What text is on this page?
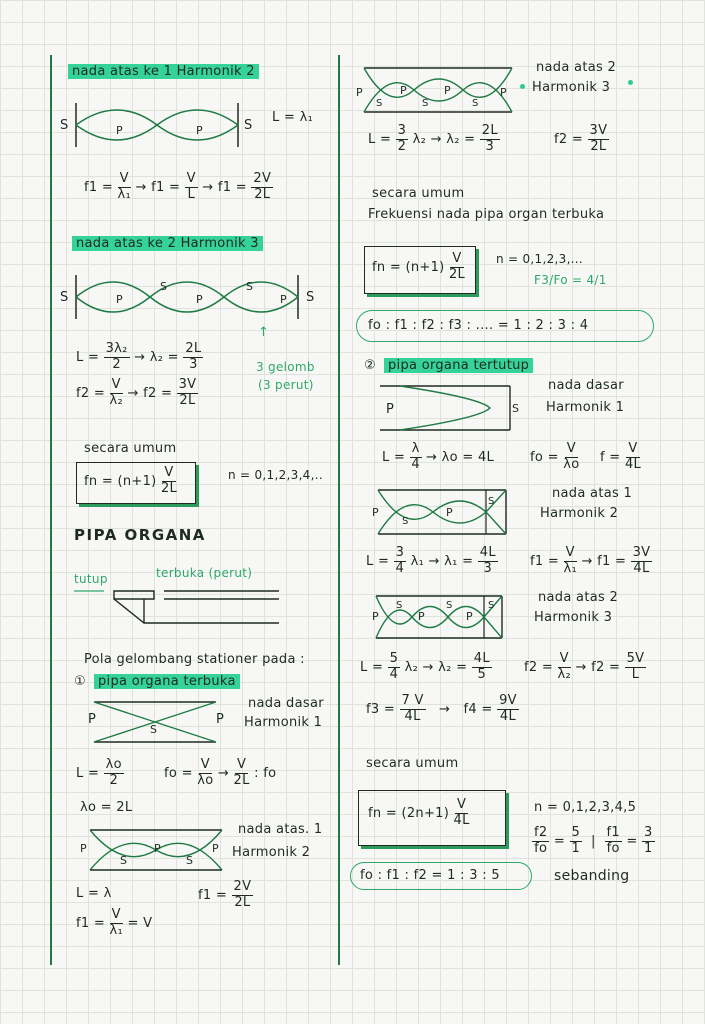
nada atas ke 1 Harmonik 2
S	S
P	P
L = λ₁
$f1 = \frac{V}{\text{λ₁}} \to f1 = \frac{V}{L} \to f1 = \frac{2V}{2L}$
nada atas ke 2 Harmonik 3
S	P
S
P
S
P S
$L = \frac{\text{3λ₂}}{2} \to \lambda_2 = \frac{2L}{3}$
$f2 = \frac{V}{\text{λ₂}} \to f2 = \frac{3V}{2L}$
↑
3 gelomb
(3 perut)
secara umum
fn = $(n+1) \frac{V}{2L}$	n = 0,1,2,3,4,..
PIPA ORGANA
tutup	terbuka (perut)
Pola gelombang stationer pada :
① pipa organa terbuka
nada dasar
Harmonik 1
P
S
P
$L = \frac{\lambda o}{2}$	fo = $\frac{V}{\lambda o} \to \frac{V}{2L}$ : fo
λo = 2L
nada atas. 1
Harmonik 2
P
S
P
S
P
L = λ	$f1 = \frac{2V}{2L}$
$f1 = \frac{V}{\text{λ₁}} = V$
nada atas 2
Harmonik 3
P
S
P
S
P
S
P
$L = \frac{3}{2} \lambda_2 \to \lambda_2 = \frac{2L}{3}$	$f2 = \frac{3V}{2L}$
secara umum
Frekuensi nada pipa organ terbuka
fn = $(n+1) \frac{V}{2L}$	n = 0,1,2,3,...
F3/Fo = 4/1
fo : f1 : f2 : f3 : .... = 1 : 2 : 3 : 4
② pipa organa tertutup
P	S
nada dasar
Harmonik 1
$L = \frac{\lambda}{4} \to \lambda o = 4L$	fo = $\frac{V}{\lambda o}$ $f = \frac{V}{4L}$
P
S
P
S
nada atas 1
Harmonik 2
$L = \frac{3}{4} \lambda_1 \to \lambda_1 = \frac{4L}{3} f1 = \frac{V}{\text{λ₁}} \to f1 = \frac{3V}{4L}$
P
S
P
S
P
S
nada atas 2
Harmonik 3
$L = \frac{5}{4} \lambda_2 \to \lambda_2 = \frac{4L}{5} f2 = \frac{V}{\text{λ₂}} \to f2 = \frac{5V}{L}$
$f3 = \frac{7 V}{4L} \to f4 = \frac{9V}{4L}$
secara umum
fn = $(2n+1) \frac{V}{4L}$	n = 0,1,2,3,4,5
$\frac{f2}{fo} = \frac{5}{1}$ | $\frac{f1}{fo} = \frac{3}{1}$
fo : f1 : f2 = 1 : 3 : 5	sebanding
